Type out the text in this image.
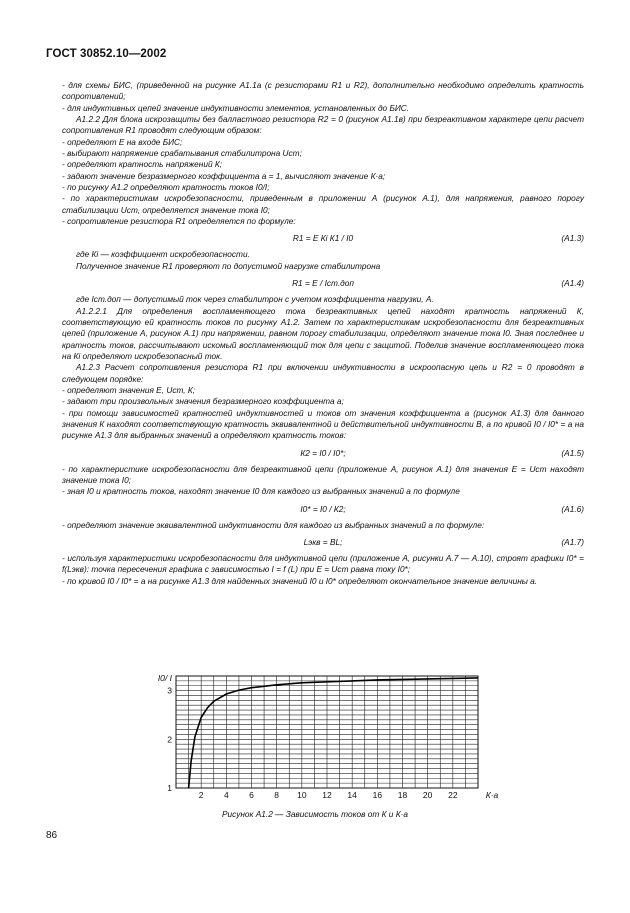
ГОСТ 30852.10—2002

- для схемы БИС, (приведенной на рисунке А1.1а (с резисторами R1 и R2), дополнительно необходимо определить кратность сопротивлений;

- для индуктивных цепей значение индуктивности элементов, установленных до БИС.

А1.2.2 Для блока искрозащиты без балластного резистора R2 = 0 (рисунок А1.1в) при безреактивном характере цепи расчет сопротивления R1 проводят следующим образом:

- определяют Е на входе БИС;

- выбирают напряжение срабатывания стабилитрона Uст;

- определяют кратность напряжений К;

- задают значение безразмерного коэффициента a = 1, вычисляют значение К·a;

- по рисунку А1.2 определяют кратность токов I0/I;

- по характеристикам искробезопасности, приведенным в приложении А (рисунок А.1), для напряжения, равного порогу стабилизации Uст, определяется значение тока I0;

- сопротивление резистора R1 определяется по формуле:

R1 = Е Кi К1 / I0	(А1.3)

где Кi — коэффициент искробезопасности.

Полученное значение R1 проверяют по допустимой нагрузке стабилитрона

R1 = E / Iст.доп	(А1.4)

где Iст.доп — допустимый ток через стабилитрон с учетом коэффициента нагрузки, А.

А1.2.2.1 Для определения воспламеняющего тока безреактивных цепей находят кратность напряжений К, соответствующую ей кратность токов по рисунку А1.2. Затем по характеристикам искробезопасности для безреактивных цепей (приложение А, рисунок А.1) при напряжении, равном порогу стабилизации, определяют значение тока I0. Зная последнее и кратность токов, рассчитывают искомый воспламеняющий ток для цепи с защитой. Поделив значение воспламеняющего тока на Кi определяют искробезопасный ток.

А1.2.3 Расчет сопротивления резистора R1 при включении индуктивности в искроопасную цепь и R2 = 0 проводят в следующем порядке:

- определяют значения Е, Uст, К;

- задают три произвольных значения безразмерного коэффициента a;

- при помощи зависимостей кратностей индуктивностей и токов от значения коэффициента a (рисунок А1.3) для данного значения К находят соответствующую кратность эквивалентной и действительной индуктивности В, а по кривой I0 / I0* = a на рисунке А1.3 для выбранных значений a определяют кратность токов:

К2 = I0 / I0*;	(А1.5)

- по характеристике искробезопасности для безреактивной цепи (приложение А, рисунок А.1) для значения Е = Uст находят значение тока I0;

- зная I0 и кратность токов, находят значение I0 для каждого из выбранных значений a по формуле

I0* = I0 / К2;	(А1.6)

- определяют значение эквивалентной индуктивности для каждого из выбранных значений a по формуле:

Lэкв = BL;	(А1.7)

- используя характеристики искробезопасности для индуктивной цепи (приложение А, рисунки А.7 — А.10), строят графики I0* = f(Lэкв): точка пересечения графика с зависимостью I = f (L) при Е = Uст равна току I0*;

- по кривой I0 / I0* = a на рисунке А1.3 для найденных значений I0 и I0* определяют окончательное значение величины a.

2 4 6 8 10 12 14 16 18 20 22	К·a
1
2
3
I0/ I
Рисунок А1.2 — Зависимость токов от К и К·a
86
